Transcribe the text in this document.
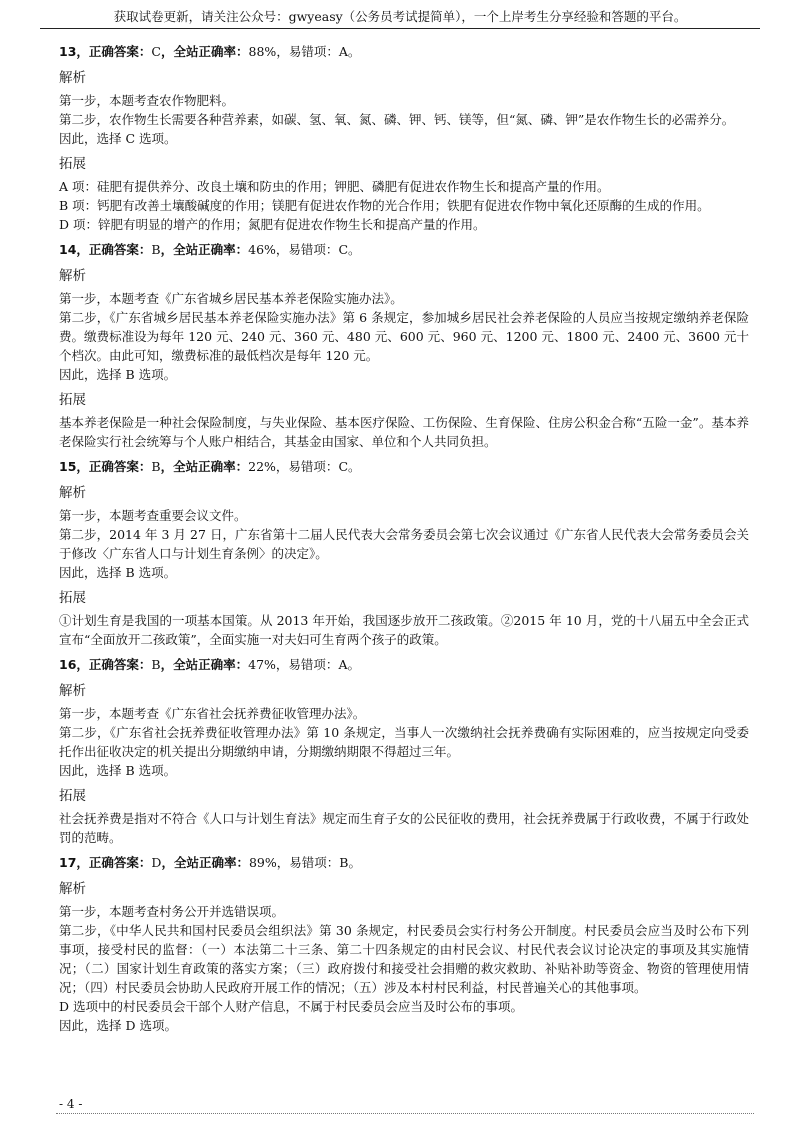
获取试卷更新，请关注公众号：gwyeasy（公务员考试提简单），一个上岸考生分享经验和答题的平台。
13，正确答案：C，全站正确率：88%，易错项：A。
解析

第一步，本题考查农作物肥料。

第二步，农作物生长需要各种营养素，如碳、氢、氧、氮、磷、钾、钙、镁等，但“氮、磷、钾”是农作物生长的必需养分。

因此，选择 C 选项。

拓展

A 项：硅肥有提供养分、改良土壤和防虫的作用；钾肥、磷肥有促进农作物生长和提高产量的作用。

B 项：钙肥有改善土壤酸碱度的作用；镁肥有促进农作物的光合作用；铁肥有促进农作物中氧化还原酶的生成的作用。

D 项：锌肥有明显的增产的作用；氮肥有促进农作物生长和提高产量的作用。

14，正确答案：B，全站正确率：46%，易错项：C。
解析

第一步，本题考查《广东省城乡居民基本养老保险实施办法》。

第二步，《广东省城乡居民基本养老保险实施办法》第 6 条规定，参加城乡居民社会养老保险的人员应当按规定缴纳养老保险费。缴费标准设为每年 120 元、240 元、360 元、480 元、600 元、960 元、1200 元、1800 元、2400 元、3600 元十个档次。由此可知，缴费标准的最低档次是每年 120 元。

因此，选择 B 选项。

拓展

基本养老保险是一种社会保险制度，与失业保险、基本医疗保险、工伤保险、生育保险、住房公积金合称“五险一金”。基本养老保险实行社会统筹与个人账户相结合，其基金由国家、单位和个人共同负担。

15，正确答案：B，全站正确率：22%，易错项：C。
解析

第一步，本题考查重要会议文件。

第二步，2014 年 3 月 27 日，广东省第十二届人民代表大会常务委员会第七次会议通过《广东省人民代表大会常务委员会关于修改〈广东省人口与计划生育条例〉的决定》。

因此，选择 B 选项。

拓展

①计划生育是我国的一项基本国策。从 2013 年开始，我国逐步放开二孩政策。②2015 年 10 月，党的十八届五中全会正式宣布“全面放开二孩政策”，全面实施一对夫妇可生育两个孩子的政策。

16，正确答案：B，全站正确率：47%，易错项：A。
解析

第一步，本题考查《广东省社会抚养费征收管理办法》。

第二步，《广东省社会抚养费征收管理办法》第 10 条规定，当事人一次缴纳社会抚养费确有实际困难的，应当按规定向受委托作出征收决定的机关提出分期缴纳申请，分期缴纳期限不得超过三年。

因此，选择 B 选项。

拓展

社会抚养费是指对不符合《人口与计划生育法》规定而生育子女的公民征收的费用，社会抚养费属于行政收费，不属于行政处罚的范畴。

17，正确答案：D，全站正确率：89%，易错项：B。
解析

第一步，本题考查村务公开并选错误项。

第二步，《中华人民共和国村民委员会组织法》第 30 条规定，村民委员会实行村务公开制度。村民委员会应当及时公布下列事项，接受村民的监督：（一）本法第二十三条、第二十四条规定的由村民会议、村民代表会议讨论决定的事项及其实施情况；（二）国家计划生育政策的落实方案；（三）政府拨付和接受社会捐赠的救灾救助、补贴补助等资金、物资的管理使用情况；（四）村民委员会协助人民政府开展工作的情况；（五）涉及本村村民利益，村民普遍关心的其他事项。

D 选项中的村民委员会干部个人财产信息，不属于村民委员会应当及时公布的事项。

因此，选择 D 选项。

- 4 -
